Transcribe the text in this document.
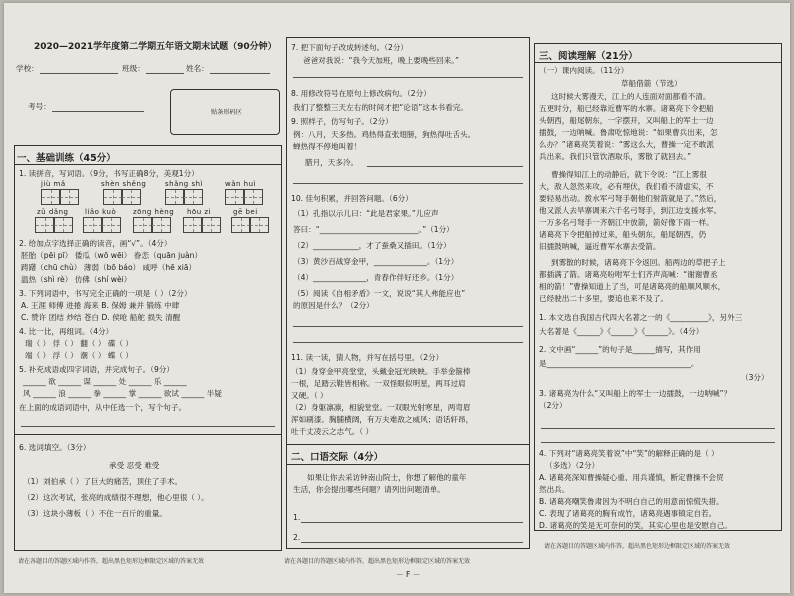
2020—2021学年度第二学期五年语文期末试题（90分钟）
学校：	班级：	姓名：
考号：
贴条形码区
一、基础训练（45分）
1. 读拼音，写词语。（9分，书写正确8分，美观1分）
jiù mǎ	shèn shěng	shǎng shì	wǎn huì
zǔ dǎng liǎo kuò zōng hèng hōu zi	gē bei
2. 给加点字选择正确的读音，画“√”。（4分）
胚胎（pēi pī） 倭瓜（wō wēi） 眷恋（quān juàn）
踌躇（chū chù） 薄弱（bō báo） 咸呼（hē xiā）
温热（shì rè） 仿佛（shí wèi）
3. 下列词语中，书写完全正确的一项是（ ）（2分）
A. 王涯 师傅 进捲 海来 B. 保姆 兼并 锻练 中肆
C. 赞许 团结 炒结 苍白 D. 侯呛 船舵 损失 清醒
4. 比一比，再组词。（4分）
瑞（ ） 俘（ ） 翻（ ） 碟（ ）
端（ ） 浮（ ） 潮（ ） 蝶（ ）
5. 补充成语或四字词语，并完成句子。（9分）
______ 欲 ______ 谋 ______ 处 ______ 乐 ______
风 ______ 浪 ______ 拳 ______ 掌 ______ 欲试 ______ 半疑
在上面的成语词语中，从中任选一个，写个句子。
6. 选词填空。（3分）
承受 忍受 难受
（1）刘伯承（ ）了巨大的痛苦，顶住了手术。
（2）这次考试，张亮的成绩很不理想，他心里很（ ）。
（3）这块小薄板（ ）不住一百斤的重量。
请在各题目的答题区域内作答，超出黑色矩形边框限定区域的答案无效
7. 把下面句子改成转述句。（2分）
爸爸对我说：“我今天加班，晚上要晚些回来。”
8. 用修改符号在原句上修改病句。（2分）
我们了整整三天左右的时间才把“论语”这本书看完。
9. 照样子，仿写句子。（2分）
例：八月，天多热。鸡热得直张翅膀，狗热得吐舌头。
蝉热得不停地叫着！
腊月，天多冷。
10. 佳句积累，并回答问题。（6分）
（1）孔指以示儿曰：“此是君家果。”儿应声
答曰：“__________________________。”（1分）
（2）____________，才了蚕桑又插田。（1分）
（3）黄沙百战穿金甲，______________。（1分）
（4）______________，青春作伴好还乡。（1分）
（5）阅读《自相矛盾》一文，说说“其人弗能应也”
的原因是什么？（2分）
11. 读一读，猜人物，并写在括号里。（2分）
（1）身穿金甲亮堂堂，头戴金冠光映映。手举金箍棒
一根，足踏云鞋皆相称。一双怪眼似明星，两耳过肩
又硬。（ ）
（2）身躯凛凛，相貌堂堂。一双眼光射寒星，两弯眉
浑如刷漆。胸脯横阔，有万夫难敌之威风；语话轩昂，
吐千丈凌云之志气。（ ）
二、口语交际（4分）
如果让你去采访钟南山院士，你想了解他的童年
生活，你会提出哪些问题？请列出问题清单。
1.
2.
请在各题目的答题区域内作答，超出黑色矩形边框限定区域的答案无效
－ F －
三、阅读理解（21分）
（一）课内阅读。（11分）
草船借箭（节选）
这时候大雾漫天，江上的人连面对面都看不清。
五更时分，船已经靠近曹军的水寨。诸葛亮下令把船
头朝西，船尾朝东，一字摆开，又叫船上的军士一边
擂鼓，一边呐喊。鲁肃吃惊地说：“如果曹兵出来，怎
么办？”诸葛亮笑着说：“雾这么大，曹操一定不敢派
兵出来。我们只管饮酒取乐，雾散了就回去。”
曹操得知江上的动静后，就下令说：“江上雾很
大，敌人忽然来攻，必有埋伏，我们看不清虚实，不
要轻易出动。拨水军弓弩手朝他们射箭就是了。”然后，
他又派人去旱寨调来六千名弓弩手，到江边支援水军。
一万多名弓弩手一齐朝江中放箭，箭好像下雨一样。
诸葛亮下令把船掉过来，船头朝东，船尾朝西，仍
旧擂鼓呐喊，逼近曹军水寨去受箭。
到雾散的时候，诸葛亮下令返回。船两边的草把子上
都插满了箭。诸葛亮吩咐军士们齐声高喊：“谢谢曹丞
相的箭！”曹操知道上了当，可是诸葛亮的船顺风顺水，
已经驶出二十多里，要追也来不及了。
1. 本文选自我国古代四大名著之一的《__________》，另外三
大名著是《______》《______》《______》。（4分）
2. 文中画“______”的句子是______描写，其作用
是______________________________________。
（3分）
3. 诸葛亮为什么“又叫船上的军士一边擂鼓，一边呐喊”？
（2分）
4. 下列对“诸葛亮笑着说”中“笑”的解释正确的是（ ）
（多选）（2分）
A. 诸葛亮深知曹操疑心重、用兵谨慎，断定曹操不会贸
然出兵。
B. 诸葛亮嘲笑鲁肃因为不明白自己的用意而惊慌失措。
C. 表现了诸葛亮的胸有成竹，诸葛亮遇事镇定自若。
D. 诸葛亮的笑是无可奈何的笑，其实心里也是安慰自己。
请在各题目的答题区域内作答，超出黑色矩形边框限定区域的答案无效
